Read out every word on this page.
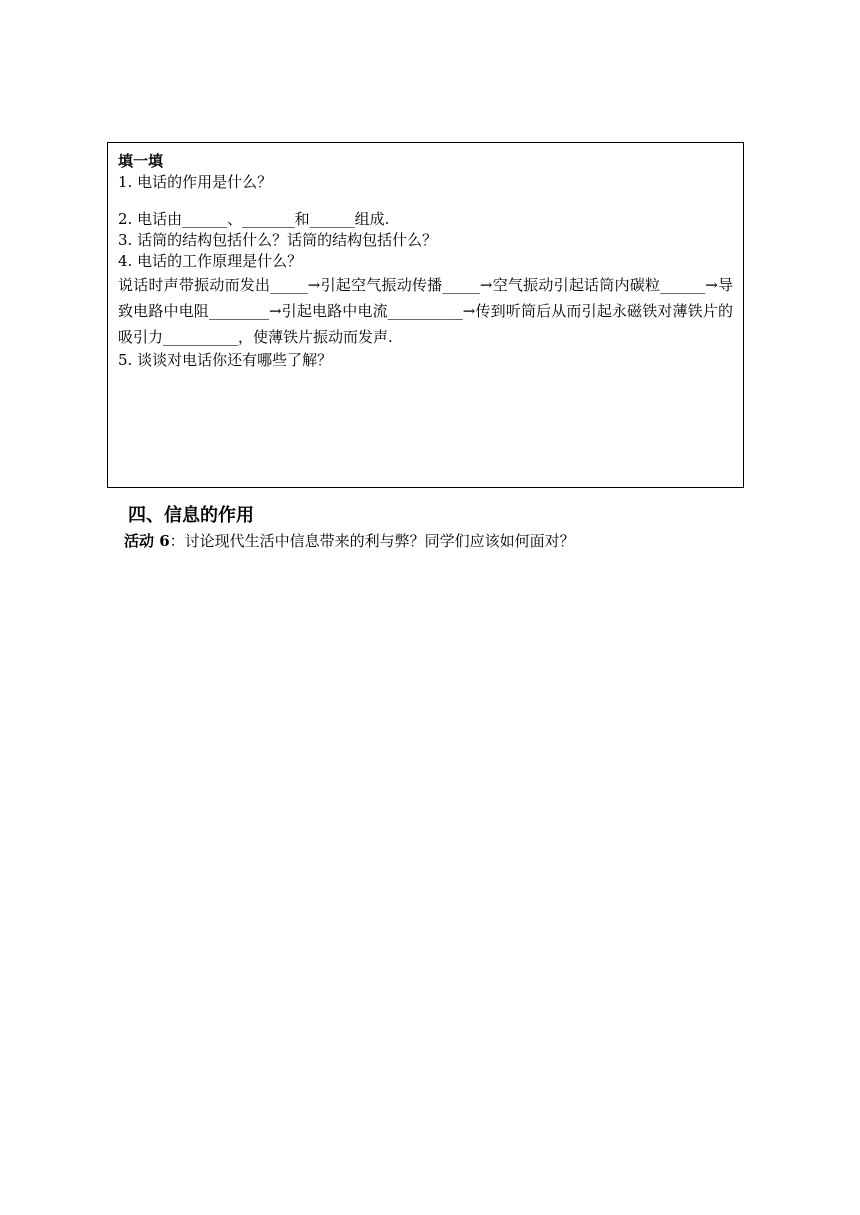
填一填
1. 电话的作用是什么？
2. 电话由______、_______和______组成.
3. 话筒的结构包括什么？话筒的结构包括什么？
4. 电话的工作原理是什么？
说话时声带振动而发出_____→引起空气振动传播_____→空气振动引起话筒内碳粒______→导致电路中电阻________→引起电路中电流__________→传到听筒后从而引起永磁铁对薄铁片的吸引力__________，使薄铁片振动而发声.
5. 谈谈对电话你还有哪些了解？
四、信息的作用
活动 6：讨论现代生活中信息带来的利与弊？同学们应该如何面对？
